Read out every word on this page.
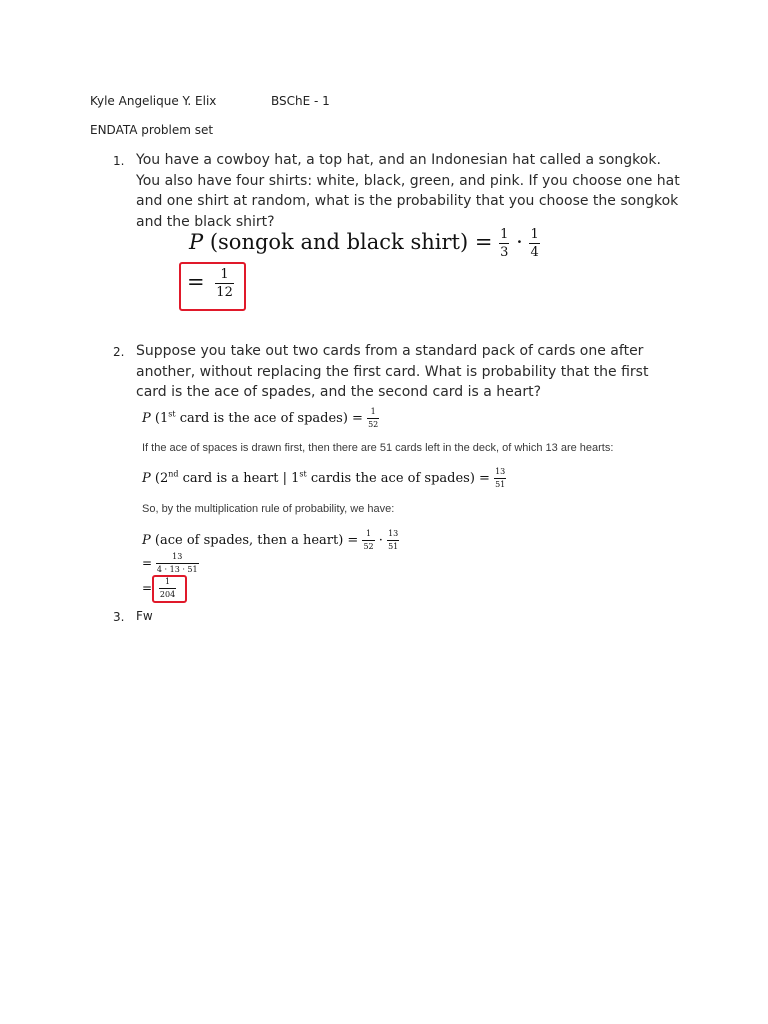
Kyle Angelique Y. Elix	BSChE - 1
ENDATA problem set
1. You have a cowboy hat, a top hat, and an Indonesian hat called a songkok. You also have four shirts: white, black, green, and pink. If you choose one hat and one shirt at random, what is the probability that you choose the songkok and the black shirt?
P (songok and black shirt) = $\frac{1}{3} \cdot \frac{1}{4}$
= $\frac{1}{12}$
2. Suppose you take out two cards from a standard pack of cards one after another, without replacing the first card. What is probability that the first card is the ace of spades, and the second card is a heart?
P (1st card is the ace of spades) = $\frac{1}{52}$
If the ace of spaces is drawn first, then there are 51 cards left in the deck, of which 13 are hearts:
P (2nd card is a heart | 1st cardis the ace of spades) = $\frac{13}{51}$
So, by the multiplication rule of probability, we have:
P (ace of spades, then a heart) = $\frac{1}{52} \cdot \frac{13}{51}$
= $\frac{13}{4 \cdot 13 \cdot 51}$
= $\frac{1}{204}$
3. Fw
